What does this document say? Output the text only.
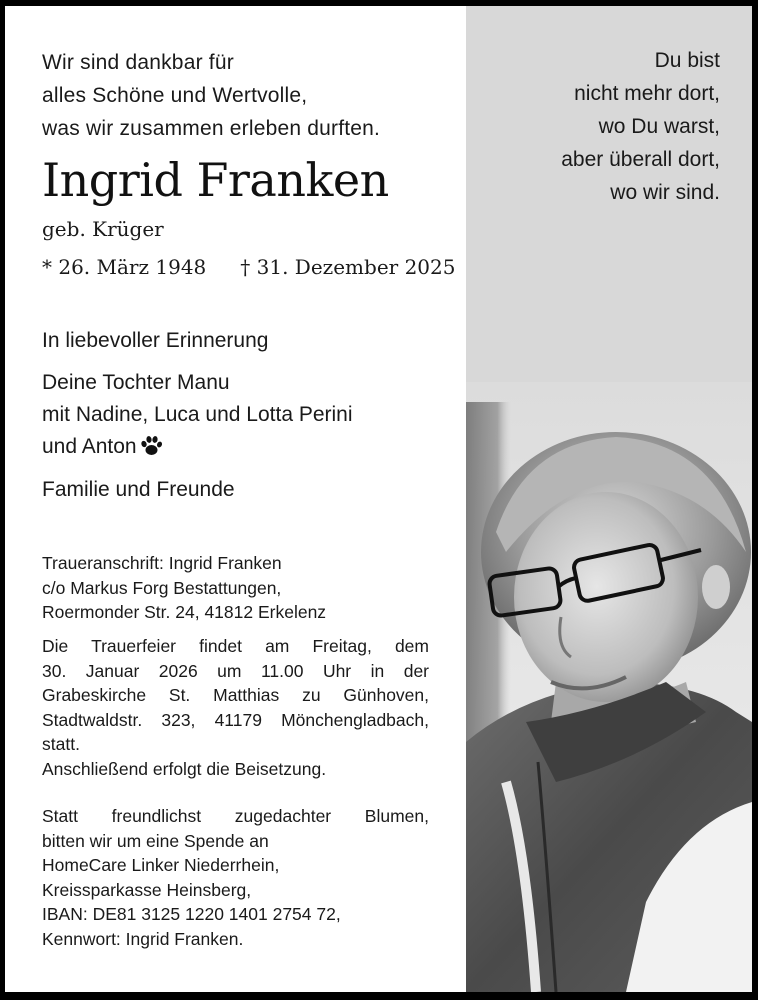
Wir sind dankbar für
alles Schöne und Wertvolle,
was wir zusammen erleben durften.
Ingrid Franken
geb. Krüger
* 26. März 1948 † 31. Dezember 2025
In liebevoller Erinnerung
Deine Tochter Manu
mit Nadine, Luca und Lotta Perini
und Anton
Familie und Freunde
Traueranschrift: Ingrid Franken
c/o Markus Forg Bestattungen,
Roermonder Str. 24, 41812 Erkelenz
Die Trauerfeier findet am Freitag, dem
30. Januar 2026 um 11.00 Uhr in der
Grabeskirche St. Matthias zu Günhoven,
Stadtwaldstr. 323, 41179 Mönchengladbach,
statt.
Anschließend erfolgt die Beisetzung.
Statt freundlichst zugedachter Blumen,
bitten wir um eine Spende an
HomeCare Linker Niederrhein,
Kreissparkasse Heinsberg,
IBAN: DE81 3125 1220 1401 2754 72,
Kennwort: Ingrid Franken.
Du bist
nicht mehr dort,
wo Du warst,
aber überall dort,
wo wir sind.
